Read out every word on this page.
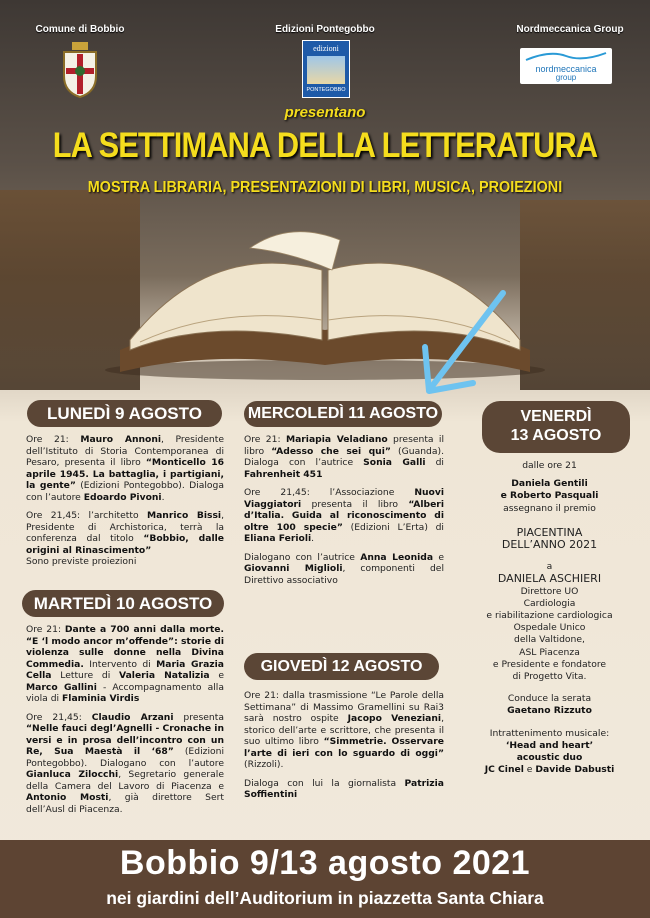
Comune di Bobbio	Edizioni Pontegobbo
edizioni
PONTEGOBBO
Nordmeccanica Group
nordmeccanica
group
presentano
LA SETTIMANA DELLA LETTERATURA
MOSTRA LIBRARIA, PRESENTAZIONI DI LIBRI, MUSICA, PROIEZIONI
LUNEDÌ 9 AGOSTO

Ore 21: Mauro Annoni, Presidente dell’Istituto di Storia Contemporanea di Pesaro, presenta il libro “Monticello 16 aprile 1945. La battaglia, i partigiani, la gente” (Edizioni Pontegobbo). Dialoga con l’autore Edoardo Pivoni.

Ore 21,45: l’architetto Manrico Bissi, Presidente di Archistorica, terrà la conferenza dal titolo “Bobbio, dalle origini al Rinascimento”
Sono previste proiezioni

MARTEDÌ 10 AGOSTO

Ore 21: Dante a 700 anni dalla morte. “E ‘l modo ancor m’offende”: storie di violenza sulle donne nella Divina Commedia. Intervento di Maria Grazia Cella Letture di Valeria Natalizia e Marco Gallini - Accompagnamento alla viola di Flaminia Virdis

Ore 21,45: Claudio Arzani presenta “Nelle fauci degl’Agnelli - Cronache in versi e in prosa dell’incontro con un Re, Sua Maestà il ‘68” (Edizioni Pontegobbo). Dialogano con l’autore Gianluca Zilocchi, Segretario generale della Camera del Lavoro di Piacenza e Antonio Mosti, già direttore Sert dell’Ausl di Piacenza.

MERCOLEDÌ 11 AGOSTO

Ore 21: Mariapia Veladiano presenta il libro “Adesso che sei qui” (Guanda). Dialoga con l’autrice Sonia Galli di Fahrenheit 451

Ore 21,45: l’Associazione Nuovi Viaggiatori presenta il libro “Alberi d’Italia. Guida al riconoscimento di oltre 100 specie” (Edizioni L’Erta) di Eliana Ferioli.

Dialogano con l’autrice Anna Leonida e Giovanni Miglioli, componenti del Direttivo associativo

GIOVEDÌ 12 AGOSTO

Ore 21: dalla trasmissione “Le Parole della Settimana” di Massimo Gramellini su Rai3 sarà nostro ospite Jacopo Veneziani, storico dell’arte e scrittore, che presenta il suo ultimo libro “Simmetrie. Osservare l’arte di ieri con lo sguardo di oggi” (Rizzoli).

Dialoga con lui la giornalista Patrizia Soffientini

VENERDÌ
13 AGOSTO
dalle ore 21
Daniela Gentili
e Roberto Pasquali
assegnano il premio
PIACENTINA
DELL’ANNO 2021
a
DANIELA ASCHIERI
Direttore UO
Cardiologia
e riabilitazione cardiologica
Ospedale Unico
della Valtidone,
ASL Piacenza
e Presidente e fondatore
di Progetto Vita.
Conduce la serata
Gaetano Rizzuto
Intrattenimento musicale:
‘Head and heart’
acoustic duo
JC Cinel e Davide Dabusti
Bobbio 9/13 agosto 2021
nei giardini dell’Auditorium in piazzetta Santa Chiara
